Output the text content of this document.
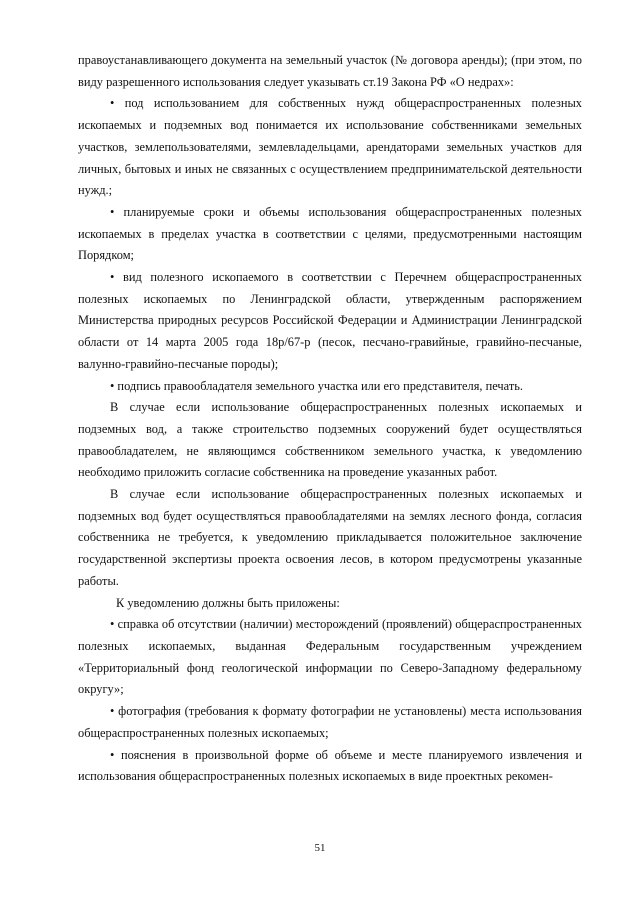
правоустанавливающего документа на земельный участок (№ договора аренды); (при этом, по виду разрешенного использования следует указывать ст.19 Закона РФ «О недрах»:

• под использованием для собственных нужд общераспространенных полезных ископаемых и подземных вод понимается их использование собственниками земельных участков, землепользователями, землевладельцами, арендаторами земельных участков для личных, бытовых и иных не связанных с осуществлением предпринимательской деятельности нужд.;

• планируемые сроки и объемы использования общераспространенных полезных ископаемых в пределах участка в соответствии с целями, предусмотренными настоящим Порядком;

• вид полезного ископаемого в соответствии с Перечнем общераспространенных полезных ископаемых по Ленинградской области, утвержденным распоряжением Министерства природных ресурсов Российской Федерации и Администрации Ленинградской области от 14 марта 2005 года 18р/67-р (песок, песчано-гравийные, гравийно-песчаные, валунно-гравийно-песчаные породы);

• подпись правообладателя земельного участка или его представителя, печать.

В случае если использование общераспространенных полезных ископаемых и подземных вод, а также строительство подземных сооружений будет осуществляться правообладателем, не являющимся собственником земельного участка, к уведомлению необходимо приложить согласие собственника на проведение указанных работ.

В случае если использование общераспространенных полезных ископаемых и подземных вод будет осуществляться правообладателями на землях лесного фонда, согласия собственника не требуется, к уведомлению прикладывается положительное заключение государственной экспертизы проекта освоения лесов, в котором предусмотрены указанные работы.

К уведомлению должны быть приложены:

• справка об отсутствии (наличии) месторождений (проявлений) общераспространенных полезных ископаемых, выданная Федеральным государственным учреждением «Территориальный фонд геологической информации по Северо-Западному федеральному округу»;

• фотография (требования к формату фотографии не установлены) места использования общераспространенных полезных ископаемых;

• пояснения в произвольной форме об объеме и месте планируемого извлечения и использования общераспространенных полезных ископаемых в виде проектных рекомен-

51
